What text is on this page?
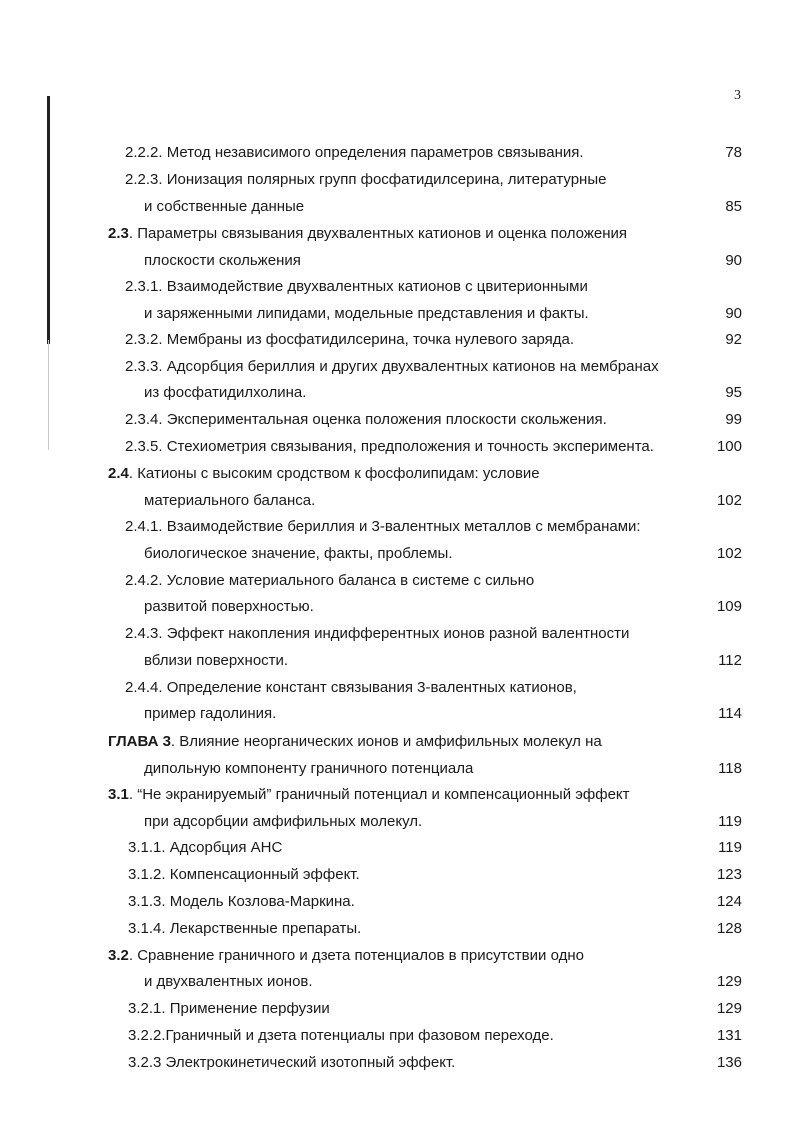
3
2.2.2. Метод независимого определения параметров связывания.	78
2.2.3. Ионизация полярных групп фосфатидилсерина, литературные
и собственные данные	85
2.3. Параметры связывания двухвалентных катионов и оценка положения
плоскости скольжения	90
2.3.1. Взаимодействие двухвалентных катионов с цвитерионными
и заряженными липидами, модельные представления и факты.	90
2.3.2. Мембраны из фосфатидилсерина, точка нулевого заряда.	92
2.3.3. Адсорбция бериллия и других двухвалентных катионов на мембранах
из фосфатидилхолина.	95
2.3.4. Экспериментальная оценка положения плоскости скольжения.	99
2.3.5. Стехиометрия связывания, предположения и точность эксперимента.	100
2.4. Катионы с высоким сродством к фосфолипидам: условие
материального баланса.	102
2.4.1. Взаимодействие бериллия и 3-валентных металлов с мембранами:
биологическое значение, факты, проблемы.	102
2.4.2. Условие материального баланса в системе с сильно
развитой поверхностью.	109
2.4.3. Эффект накопления индифферентных ионов разной валентности
вблизи поверхности.	112
2.4.4. Определение констант связывания 3-валентных катионов,
пример гадолиния.	114
ГЛАВА 3. Влияние неорганических ионов и амфифильных молекул на
дипольную компоненту граничного потенциала	118
3.1. “Не экранируемый” граничный потенциал и компенсационный эффект
при адсорбции амфифильных молекул.	119
3.1.1. Адсорбция АНС	119
3.1.2. Компенсационный эффект.	123
3.1.3. Модель Козлова-Маркина.	124
3.1.4. Лекарственные препараты.	128
3.2. Сравнение граничного и дзета потенциалов в присутствии одно
и двухвалентных ионов.	129
3.2.1. Применение перфузии	129
3.2.2.Граничный и дзета потенциалы при фазовом переходе.	131
3.2.3 Электрокинетический изотопный эффект.	136
